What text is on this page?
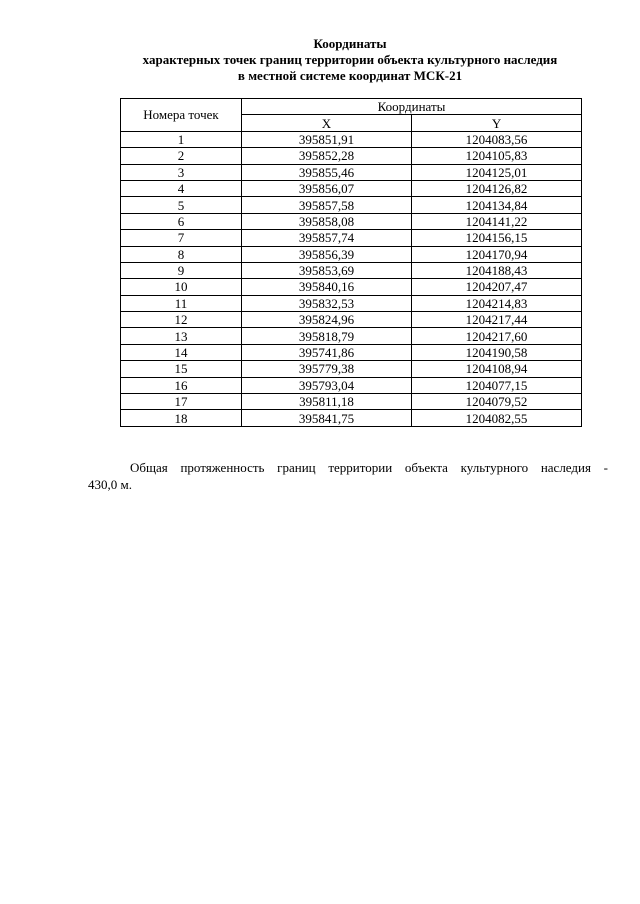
Координаты
характерных точек границ территории объекта культурного наследия
в местной системе координат МСК-21
Номера точек	Координаты	
	X	Y
1	395851,91	1204083,56
2	395852,28	1204105,83
3	395855,46	1204125,01
4	395856,07	1204126,82
5	395857,58	1204134,84
6	395858,08	1204141,22
7	395857,74	1204156,15
8	395856,39	1204170,94
9	395853,69	1204188,43
10	395840,16	1204207,47
11	395832,53	1204214,83
12	395824,96	1204217,44
13	395818,79	1204217,60
14	395741,86	1204190,58
15	395779,38	1204108,94
16	395793,04	1204077,15
17	395811,18	1204079,52
18	395841,75	1204082,55
Общая протяженность границ территории объекта культурного наследия -
430,0 м.
